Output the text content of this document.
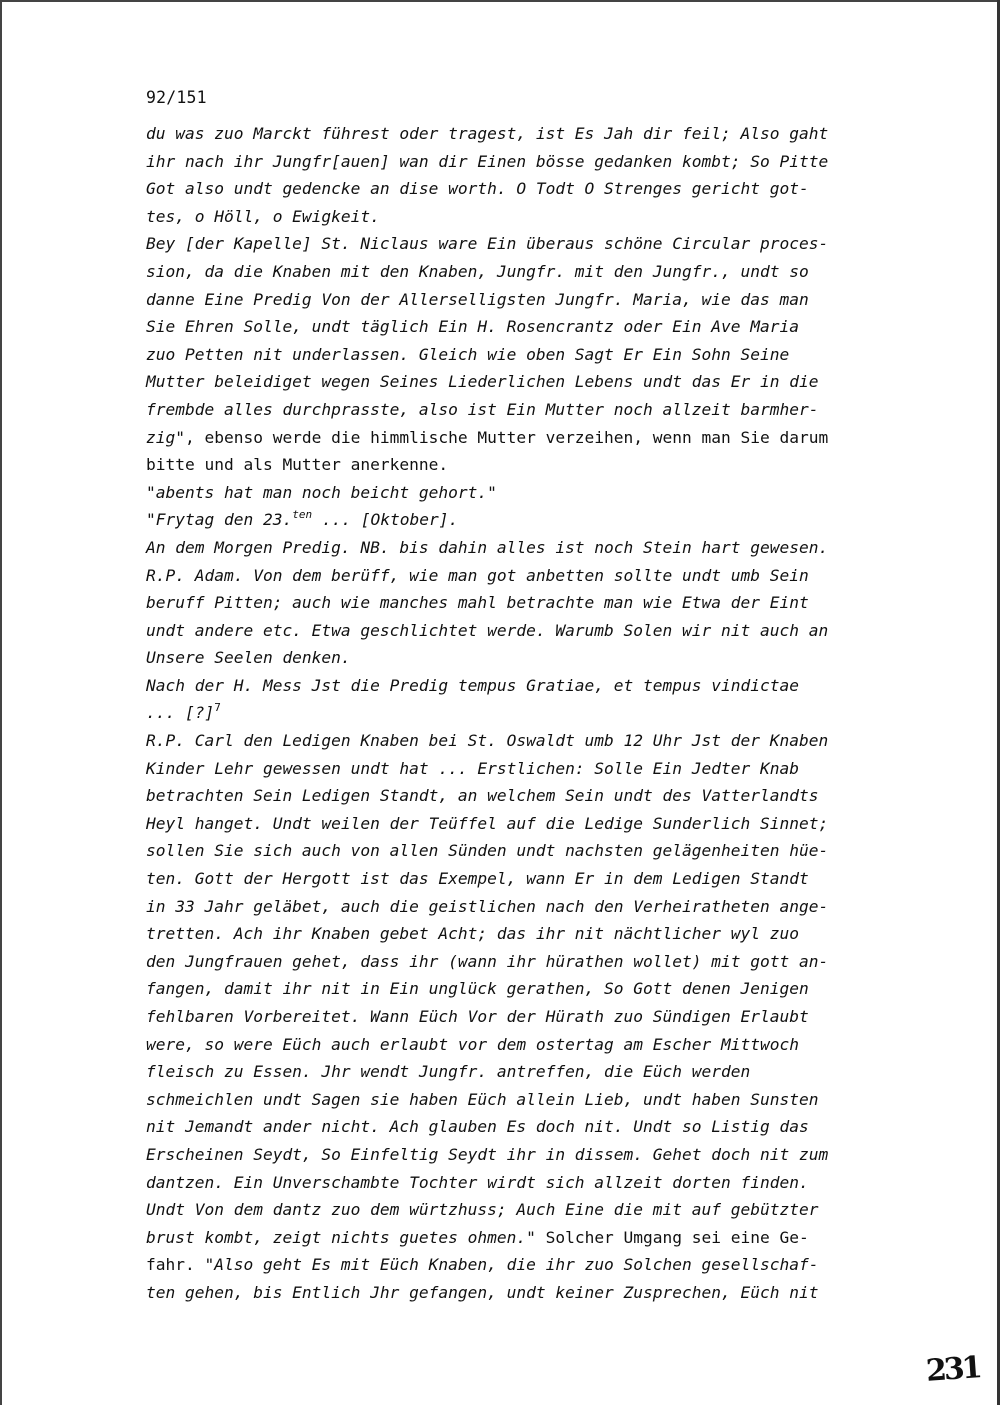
92/151
du was zuo Marckt führest oder tragest, ist Es Jah dir feil; Also gaht
ihr nach ihr Jungfr[auen] wan dir Einen bösse gedanken kombt; So Pitte
Got also undt gedencke an dise worth. O Todt O Strenges gericht got-
tes, o Höll, o Ewigkeit.
Bey [der Kapelle] St. Niclaus ware Ein überaus schöne Circular proces-
sion, da die Knaben mit den Knaben, Jungfr. mit den Jungfr., undt so
danne Eine Predig Von der Allerselligsten Jungfr. Maria, wie das man
Sie Ehren Solle, undt täglich Ein H. Rosencrantz oder Ein Ave Maria
zuo Petten nit underlassen. Gleich wie oben Sagt Er Ein Sohn Seine
Mutter beleidiget wegen Seines Liederlichen Lebens undt das Er in die
frembde alles durchprasste, also ist Ein Mutter noch allzeit barmher-
zig", ebenso werde die himmlische Mutter verzeihen, wenn man Sie darum
bitte und als Mutter anerkenne.
"abents hat man noch beicht gehort."
"Frytag den 23.$^{ten}$ ... [Oktober].
An dem Morgen Predig. NB. bis dahin alles ist noch Stein hart gewesen.
R.P. Adam. Von dem berüff, wie man got anbetten sollte undt umb Sein
beruff Pitten; auch wie manches mahl betrachte man wie Etwa der Eint
undt andere etc. Etwa geschlichtet werde. Warumb Solen wir nit auch an
Unsere Seelen denken.
Nach der H. Mess Jst die Predig tempus Gratiae, et tempus vindictae
... [?]$^7$
R.P. Carl den Ledigen Knaben bei St. Oswaldt umb 12 Uhr Jst der Knaben
Kinder Lehr gewessen undt hat ... Erstlichen: Solle Ein Jedter Knab
betrachten Sein Ledigen Standt, an welchem Sein undt des Vatterlandts
Heyl hanget. Undt weilen der Teüffel auf die Ledige Sunderlich Sinnet;
sollen Sie sich auch von allen Sünden undt nachsten gelägenheiten hüe-
ten. Gott der Hergott ist das Exempel, wann Er in dem Ledigen Standt
in 33 Jahr geläbet, auch die geistlichen nach den Verheiratheten ange-
tretten. Ach ihr Knaben gebet Acht; das ihr nit nächtlicher wyl zuo
den Jungfrauen gehet, dass ihr (wann ihr hürathen wollet) mit gott an-
fangen, damit ihr nit in Ein unglück gerathen, So Gott denen Jenigen
fehlbaren Vorbereitet. Wann Eüch Vor der Hürath zuo Sündigen Erlaubt
were, so were Eüch auch erlaubt vor dem ostertag am Escher Mittwoch
fleisch zu Essen. Jhr wendt Jungfr. antreffen, die Eüch werden
schmeichlen undt Sagen sie haben Eüch allein Lieb, undt haben Sunsten
nit Jemandt ander nicht. Ach glauben Es doch nit. Undt so Listig das
Erscheinen Seydt, So Einfeltig Seydt ihr in dissem. Gehet doch nit zum
dantzen. Ein Unverschambte Tochter wirdt sich allzeit dorten finden.
Undt Von dem dantz zuo dem würtzhuss; Auch Eine die mit auf gebützter
brust kombt, zeigt nichts guetes ohmen." Solcher Umgang sei eine Ge-
fahr. "Also geht Es mit Eüch Knaben, die ihr zuo Solchen gesellschaf-
ten gehen, bis Entlich Jhr gefangen, undt keiner Zusprechen, Eüch nit
231
